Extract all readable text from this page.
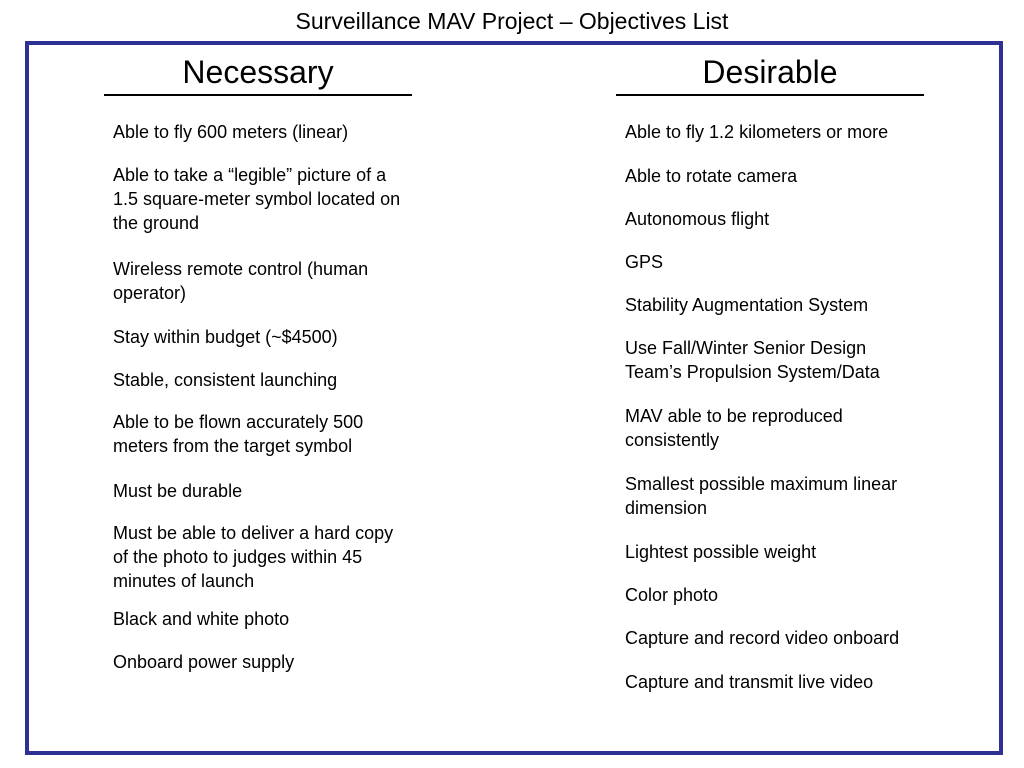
Surveillance MAV Project – Objectives List
Necessary
Able to fly 600 meters (linear)
Able to take a “legible” picture of a 1.5 square-meter symbol located on the ground
Wireless remote control (human operator)
Stay within budget (~$4500)
Stable, consistent launching
Able to be flown accurately 500 meters from the target symbol
Must be durable
Must be able to deliver a hard copy of the photo to judges within 45 minutes of launch
Black and white photo
Onboard power supply
Desirable
Able to fly 1.2 kilometers or more
Able to rotate camera
Autonomous flight
GPS
Stability Augmentation System
Use Fall/Winter Senior Design Team’s Propulsion System/Data
MAV able to be reproduced consistently
Smallest possible maximum linear dimension
Lightest possible weight
Color photo
Capture and record video onboard
Capture and transmit live video
